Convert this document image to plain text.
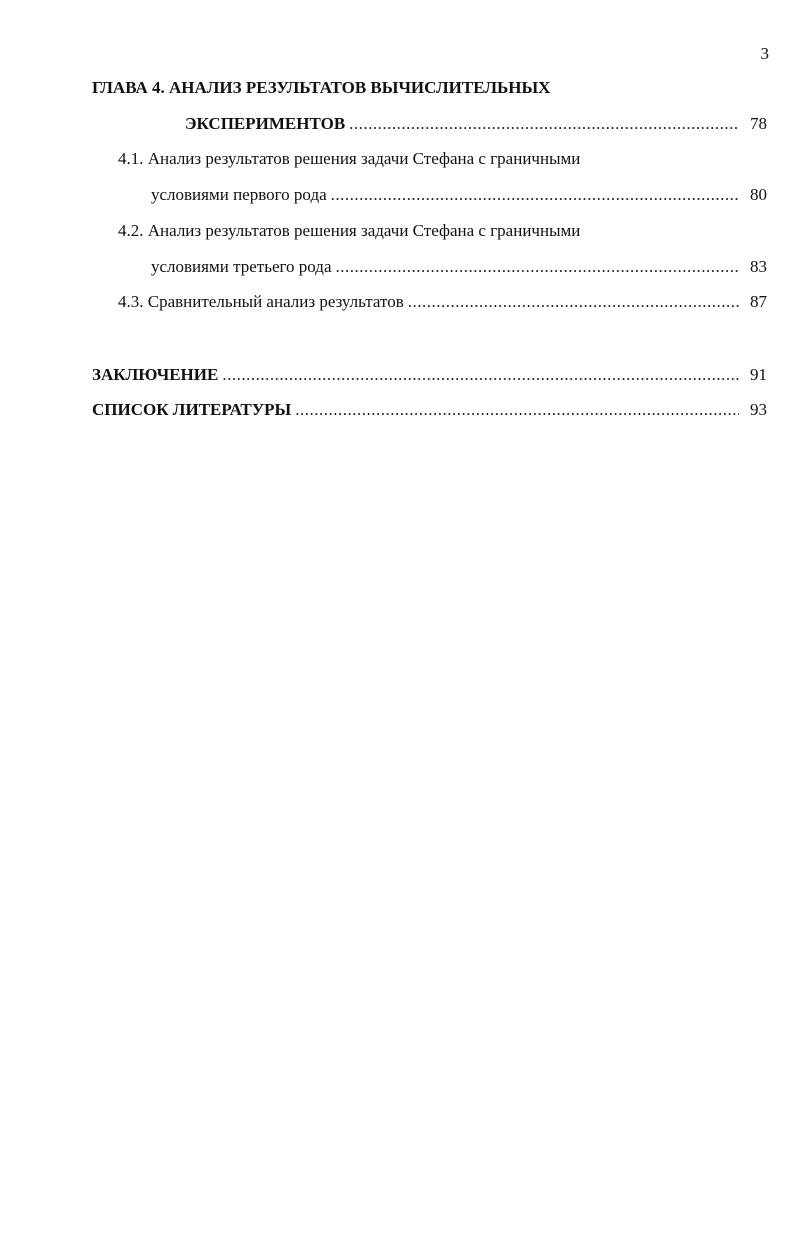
3
ГЛАВА 4. АНАЛИЗ РЕЗУЛЬТАТОВ ВЫЧИСЛИТЕЛЬНЫХ
ЭКСПЕРИМЕНТОВ .....	78
4.1. Анализ результатов решения задачи Стефана с граничными
условиями первого рода .....	80
4.2. Анализ результатов решения задачи Стефана с граничными
условиями третьего рода .....	83
4.3. Сравнительный анализ результатов .....	87
ЗАКЛЮЧЕНИЕ .....	91
СПИСОК ЛИТЕРАТУРЫ .....	93
